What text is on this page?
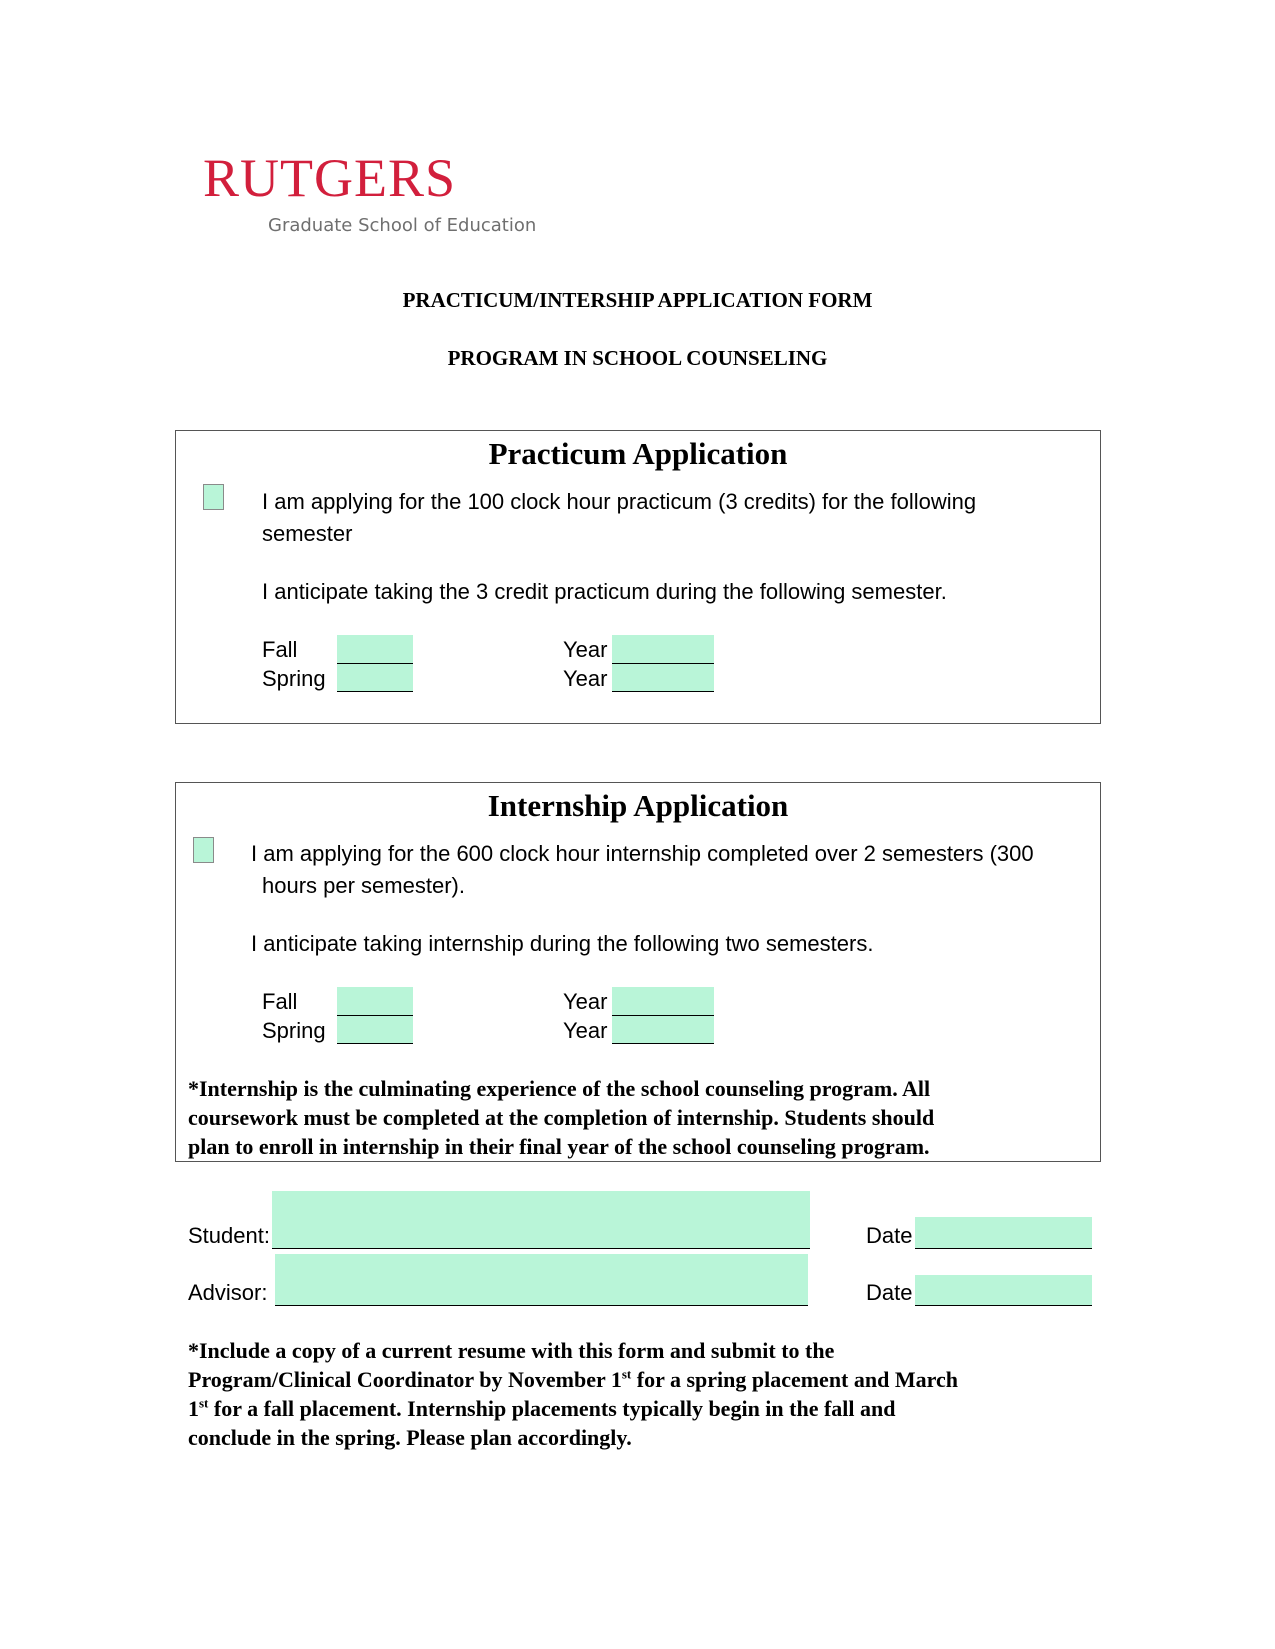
RUTGERS
Graduate School of Education
PRACTICUM/INTERSHIP APPLICATION FORM
PROGRAM IN SCHOOL COUNSELING
Practicum Application
I am applying for the 100 clock hour practicum (3 credits) for the following
semester
I anticipate taking the 3 credit practicum during the following semester.
Fall
Spring
Year
Year
Internship Application
I am applying for the 600 clock hour internship completed over 2 semesters (300
hours per semester).
I anticipate taking internship during the following two semesters.
Fall
Spring
Year
Year
*Internship is the culminating experience of the school counseling program. All
coursework must be completed at the completion of internship. Students should
plan to enroll in internship in their final year of the school counseling program.
Student:	Date
Advisor:	Date
*Include a copy of a current resume with this form and submit to the
Program/Clinical Coordinator by November 1st for a spring placement and March
1st for a fall placement. Internship placements typically begin in the fall and
conclude in the spring. Please plan accordingly.
